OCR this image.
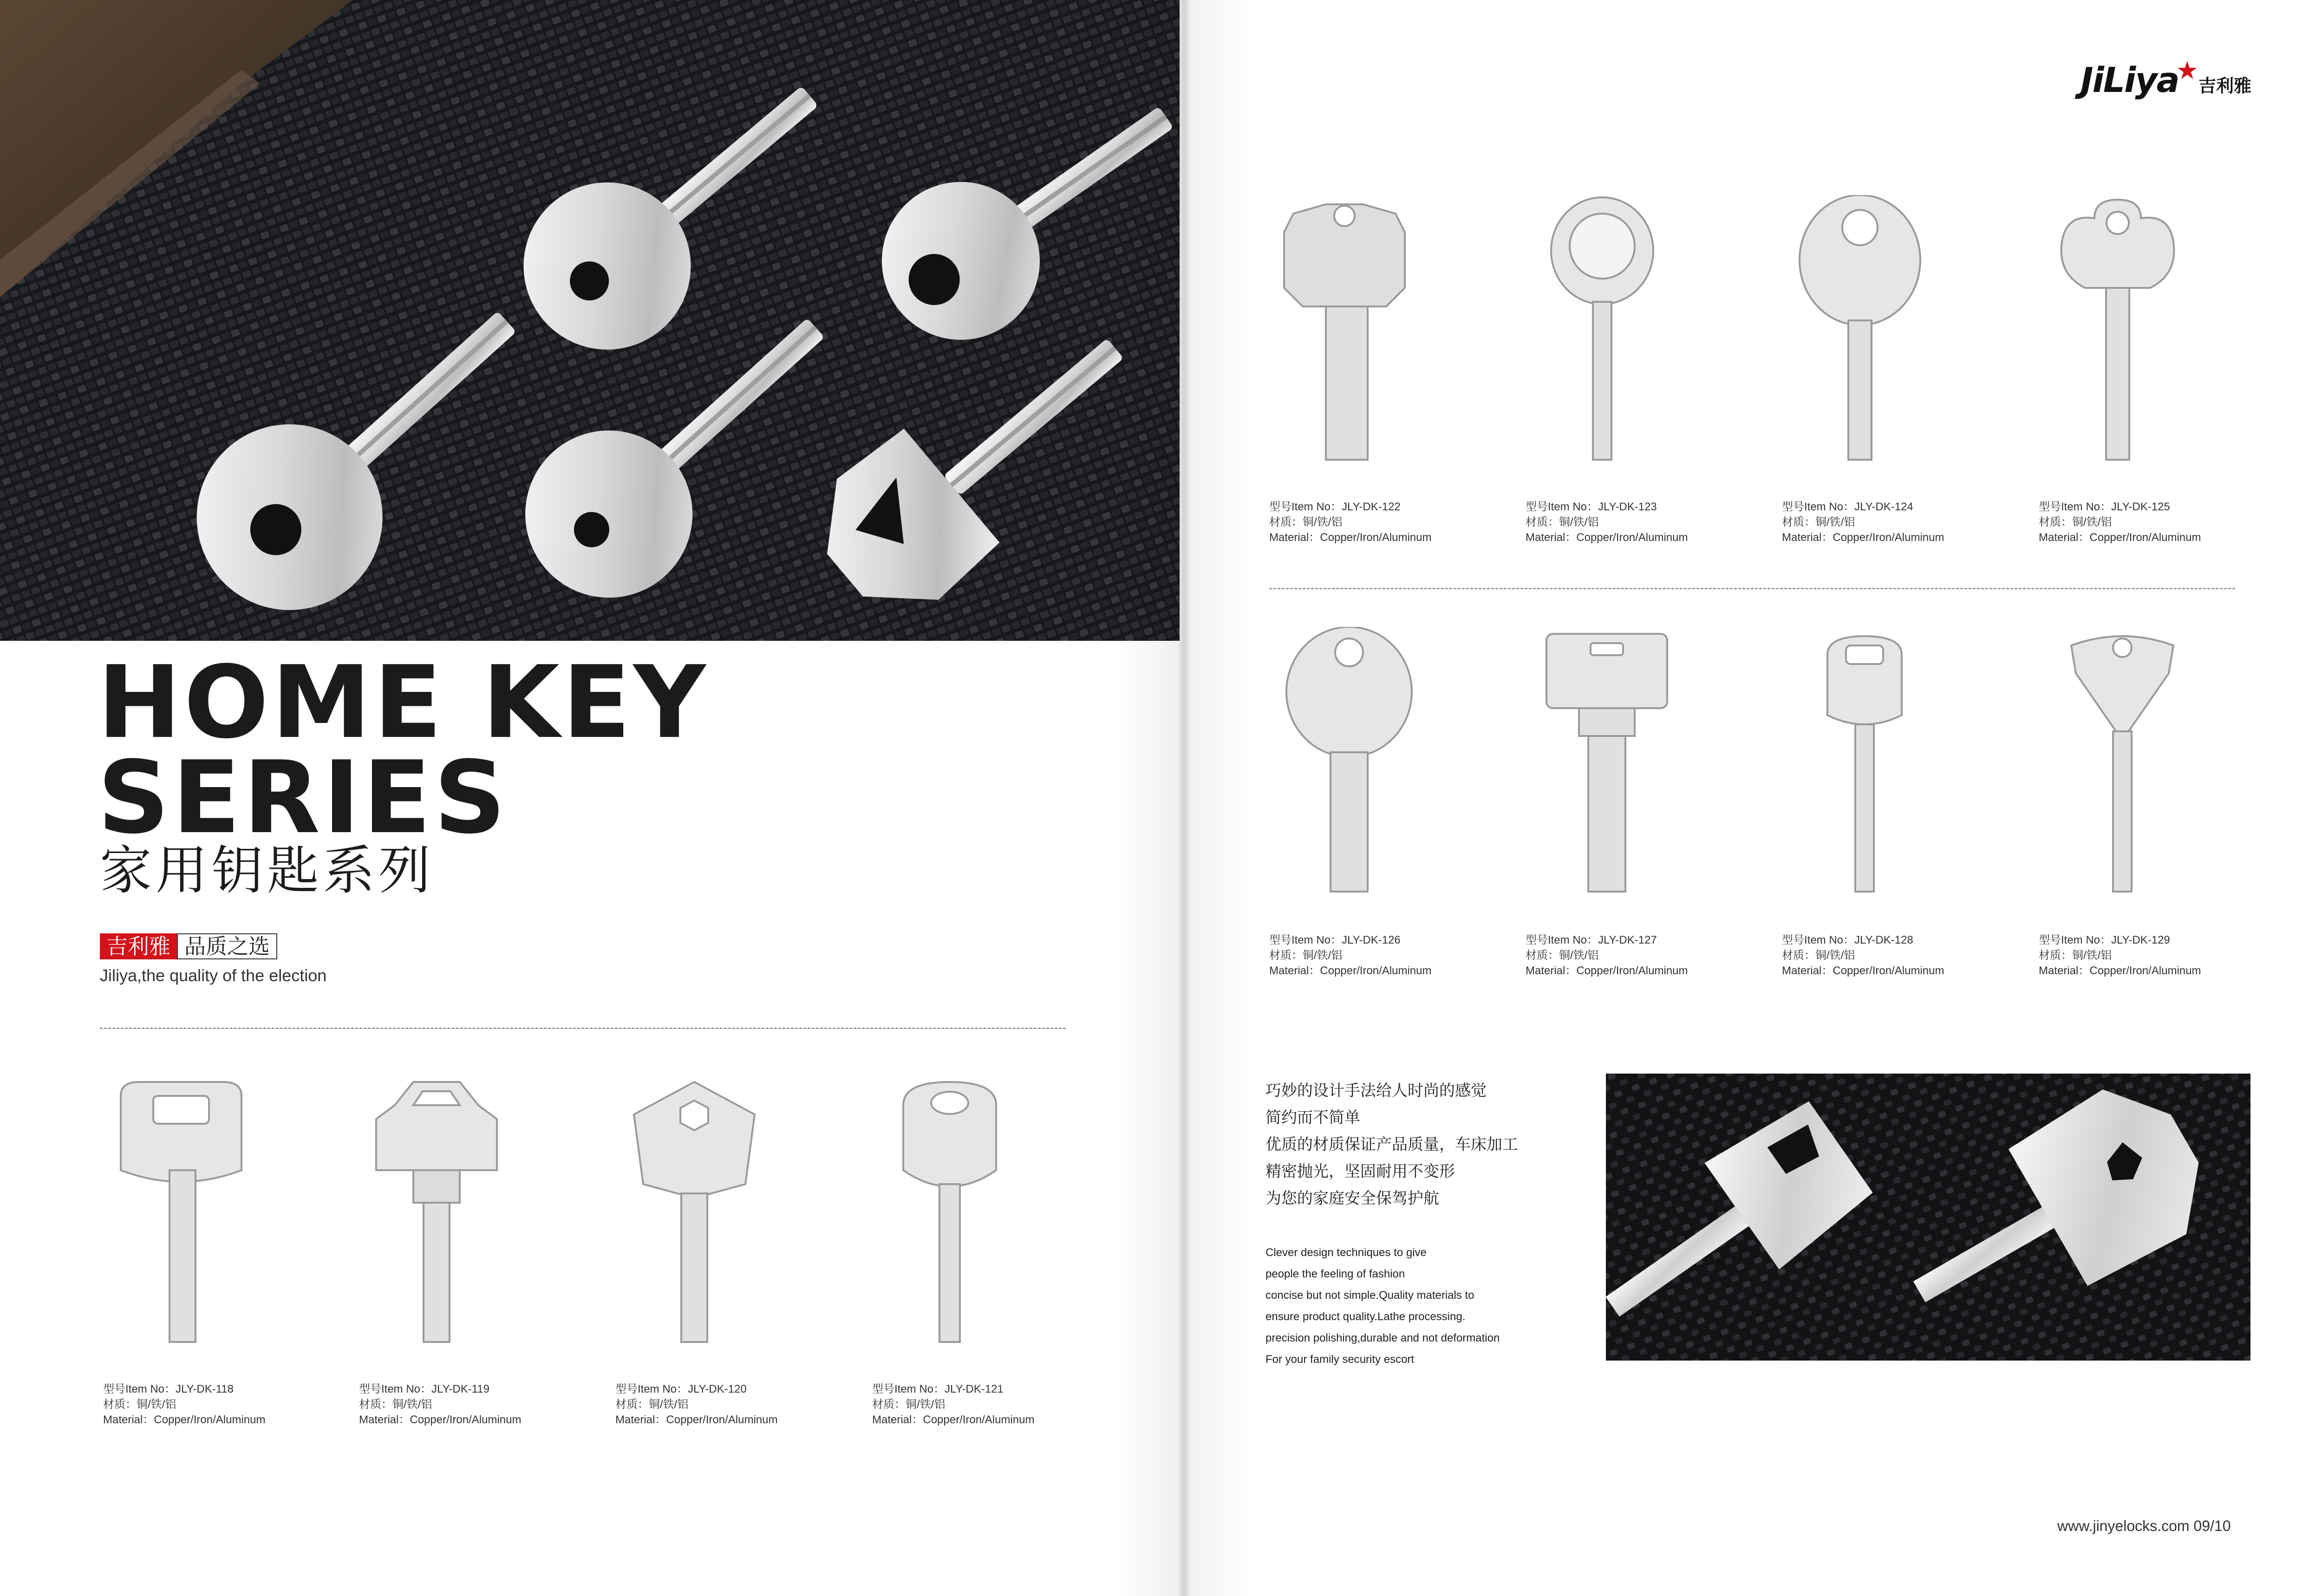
HOME KEY
SERIES
家用钥匙系列
吉利雅 品质之选
Jiliya,the quality of the election
型号Item No：JLY-DK-118
材质：铜/铁/铝
Material：Copper/Iron/Aluminum
型号Item No：JLY-DK-119
材质：铜/铁/铝
Material：Copper/Iron/Aluminum
型号Item No：JLY-DK-120
材质：铜/铁/铝
Material：Copper/Iron/Aluminum
型号Item No：JLY-DK-121
材质：铜/铁/铝
Material：Copper/Iron/Aluminum
JiLiya
★
吉利雅
型号Item No：JLY-DK-122
材质：铜/铁/铝
Material：Copper/Iron/Aluminum
型号Item No：JLY-DK-123
材质：铜/铁/铝
Material：Copper/Iron/Aluminum
型号Item No：JLY-DK-124
材质：铜/铁/铝
Material：Copper/Iron/Aluminum
型号Item No：JLY-DK-125
材质：铜/铁/铝
Material：Copper/Iron/Aluminum
型号Item No：JLY-DK-126
材质：铜/铁/铝
Material：Copper/Iron/Aluminum
型号Item No：JLY-DK-127
材质：铜/铁/铝
Material：Copper/Iron/Aluminum
型号Item No：JLY-DK-128
材质：铜/铁/铝
Material：Copper/Iron/Aluminum
型号Item No：JLY-DK-129
材质：铜/铁/铝
Material：Copper/Iron/Aluminum
巧妙的设计手法给人时尚的感觉
简约而不简单
优质的材质保证产品质量，车床加工
精密抛光，坚固耐用不变形
为您的家庭安全保驾护航
Clever design techniques to give
people the feeling of fashion
concise but not simple.Quality materials to
ensure product quality.Lathe processing.
precision polishing,durable and not deformation
For your family security escort
www.jinyelocks.com 09/10
